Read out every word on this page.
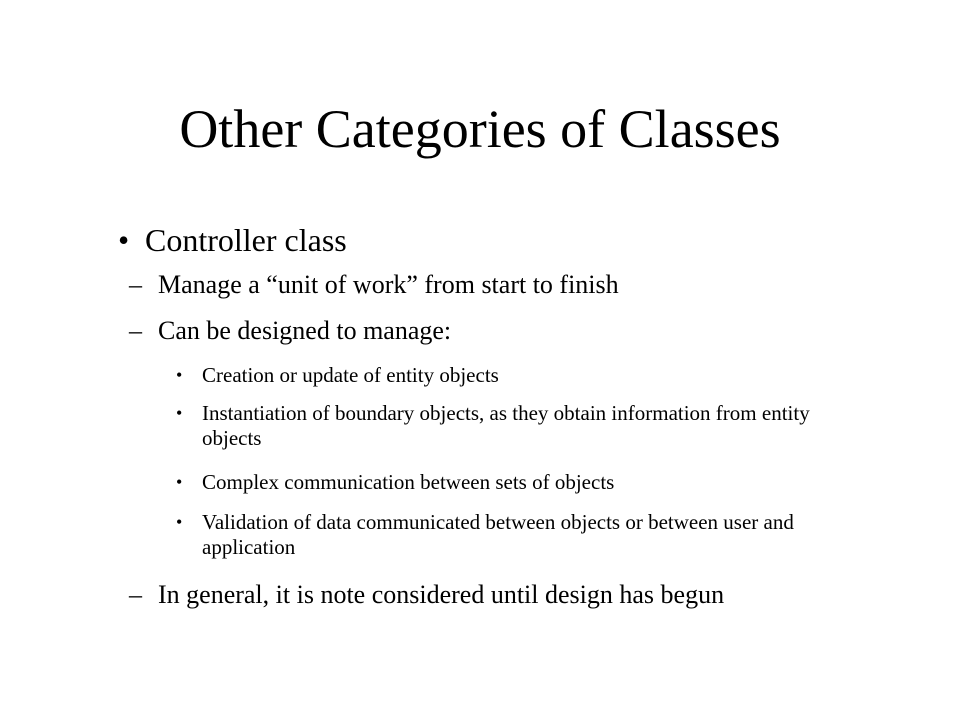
Other Categories of Classes
• Controller class
– Manage a “unit of work” from start to finish
– Can be designed to manage:
• Creation or update of entity objects
• Instantiation of boundary objects, as they obtain information from entity objects
• Complex communication between sets of objects
• Validation of data communicated between objects or between user and application
– In general, it is note considered until design has begun
